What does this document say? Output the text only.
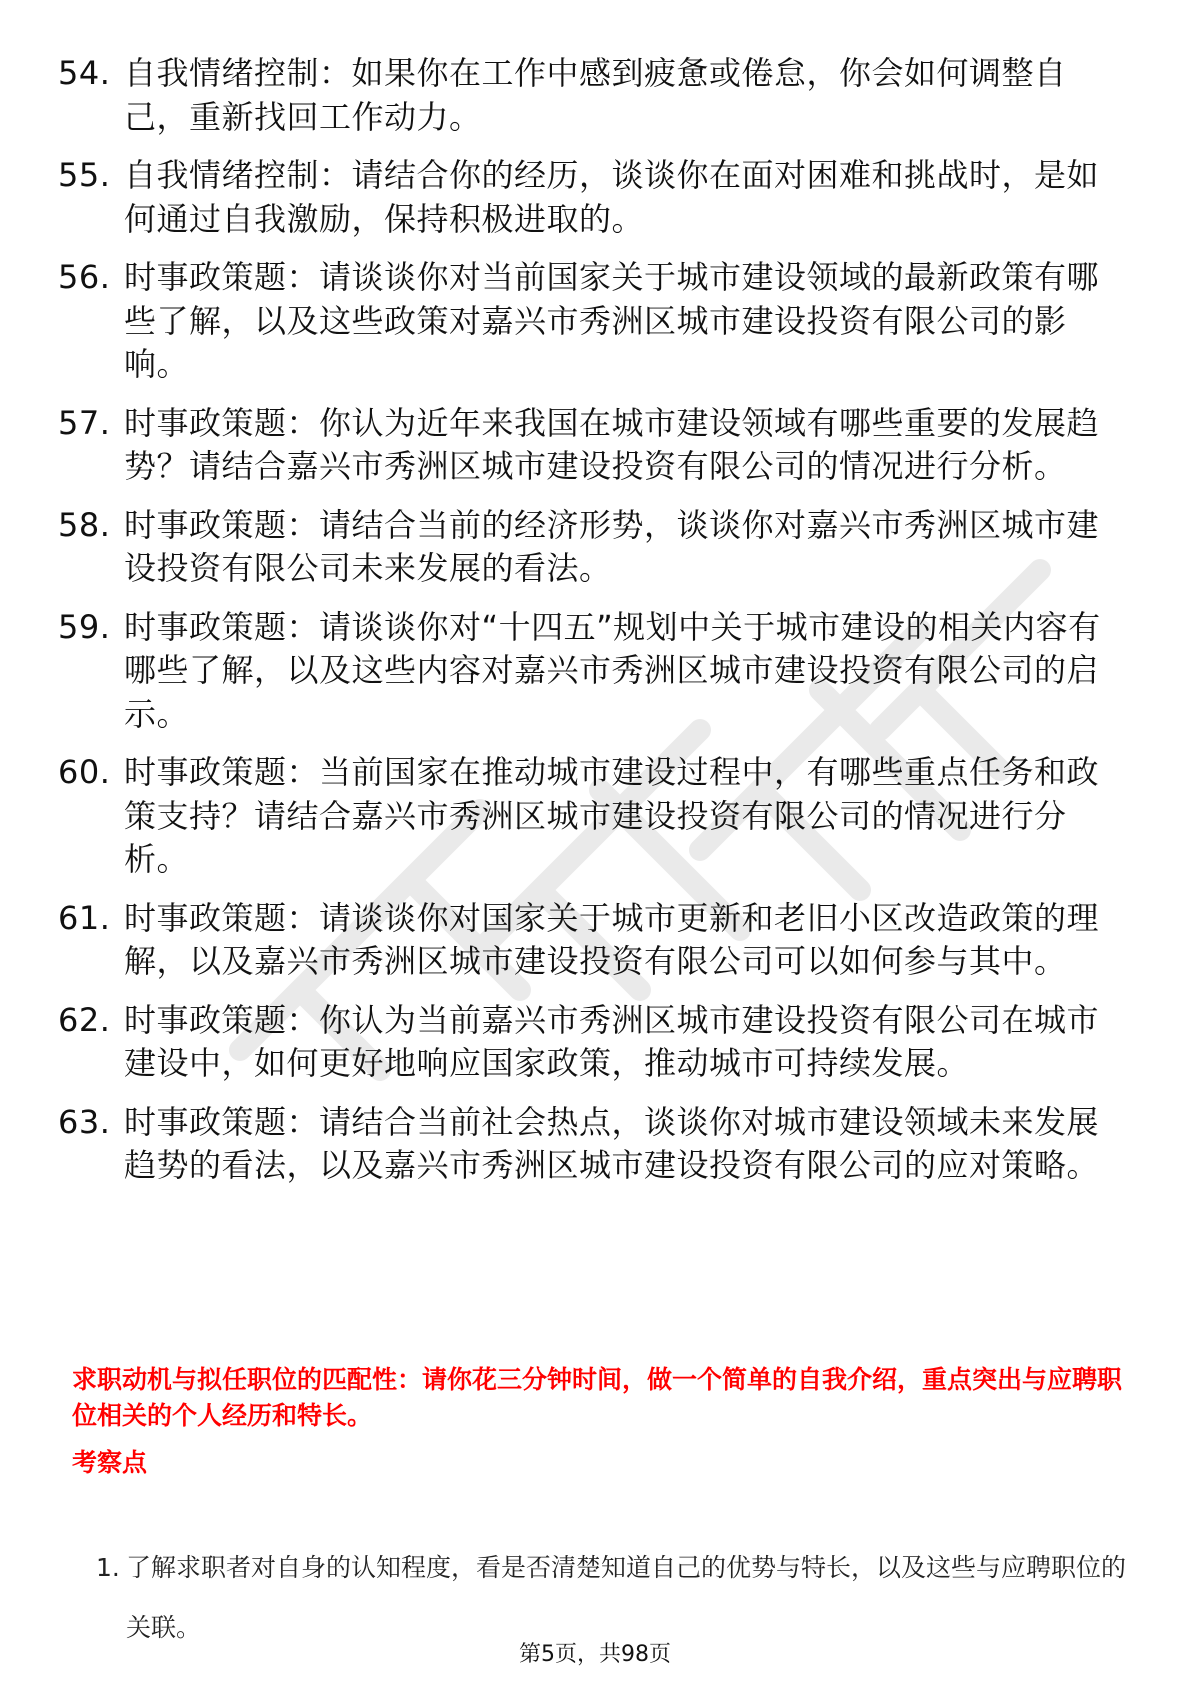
54. 自我情绪控制：如果你在工作中感到疲惫或倦怠，你会如何调整自己，重新找回工作动力。
55. 自我情绪控制：请结合你的经历，谈谈你在面对困难和挑战时，是如何通过自我激励，保持积极进取的。
56. 时事政策题：请谈谈你对当前国家关于城市建设领域的最新政策有哪些了解，以及这些政策对嘉兴市秀洲区城市建设投资有限公司的影响。
57. 时事政策题：你认为近年来我国在城市建设领域有哪些重要的发展趋势？请结合嘉兴市秀洲区城市建设投资有限公司的情况进行分析。
58. 时事政策题：请结合当前的经济形势，谈谈你对嘉兴市秀洲区城市建设投资有限公司未来发展的看法。
59. 时事政策题：请谈谈你对“十四五”规划中关于城市建设的相关内容有哪些了解，以及这些内容对嘉兴市秀洲区城市建设投资有限公司的启示。
60. 时事政策题：当前国家在推动城市建设过程中，有哪些重点任务和政策支持？请结合嘉兴市秀洲区城市建设投资有限公司的情况进行分析。
61. 时事政策题：请谈谈你对国家关于城市更新和老旧小区改造政策的理解，以及嘉兴市秀洲区城市建设投资有限公司可以如何参与其中。
62. 时事政策题：你认为当前嘉兴市秀洲区城市建设投资有限公司在城市建设中，如何更好地响应国家政策，推动城市可持续发展。
63. 时事政策题：请结合当前社会热点，谈谈你对城市建设领域未来发展趋势的看法，以及嘉兴市秀洲区城市建设投资有限公司的应对策略。
求职动机与拟任职位的匹配性：请你花三分钟时间，做一个简单的自我介绍，重点突出与应聘职位相关的个人经历和特长。
考察点
1. 了解求职者对自身的认知程度，看是否清楚知道自己的优势与特长，以及这些与应聘职位的关联。
第5页，共98页
